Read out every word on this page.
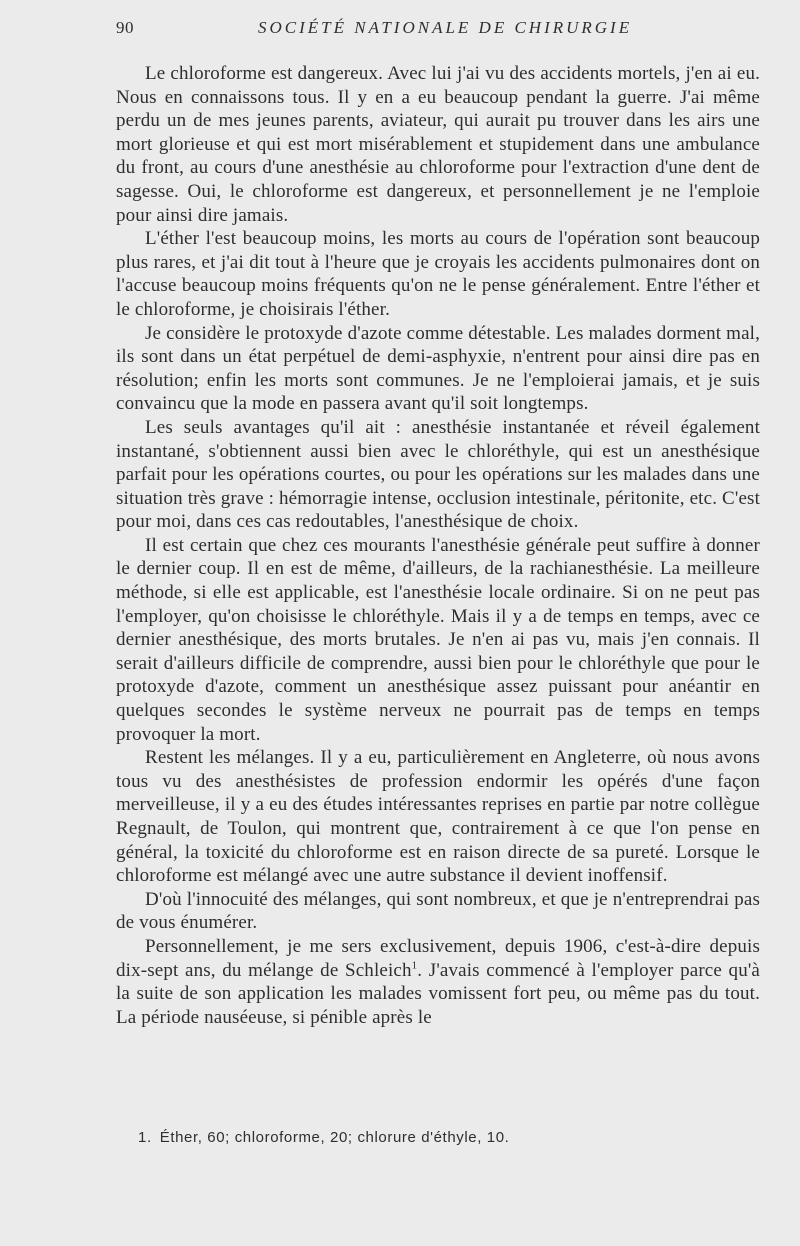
90	SOCIÉTÉ NATIONALE DE CHIRURGIE

Le chloroforme est dangereux. Avec lui j'ai vu des accidents mortels, j'en ai eu. Nous en connaissons tous. Il y en a eu beaucoup pendant la guerre. J'ai même perdu un de mes jeunes parents, aviateur, qui aurait pu trouver dans les airs une mort glorieuse et qui est mort misérablement et stupidement dans une ambulance du front, au cours d'une anesthésie au chloroforme pour l'extraction d'une dent de sagesse. Oui, le chloroforme est dangereux, et personnellement je ne l'emploie pour ainsi dire jamais.

L'éther l'est beaucoup moins, les morts au cours de l'opération sont beaucoup plus rares, et j'ai dit tout à l'heure que je croyais les accidents pulmonaires dont on l'accuse beaucoup moins fréquents qu'on ne le pense généralement. Entre l'éther et le chloroforme, je choisirais l'éther.

Je considère le protoxyde d'azote comme détestable. Les malades dorment mal, ils sont dans un état perpétuel de demi-asphyxie, n'entrent pour ainsi dire pas en résolution; enfin les morts sont communes. Je ne l'emploierai jamais, et je suis convaincu que la mode en passera avant qu'il soit longtemps.

Les seuls avantages qu'il ait : anesthésie instantanée et réveil également instantané, s'obtiennent aussi bien avec le chloréthyle, qui est un anesthésique parfait pour les opérations courtes, ou pour les opérations sur les malades dans une situation très grave : hémorragie intense, occlusion intestinale, péritonite, etc. C'est pour moi, dans ces cas redoutables, l'anesthésique de choix.

Il est certain que chez ces mourants l'anesthésie générale peut suffire à donner le dernier coup. Il en est de même, d'ailleurs, de la rachianesthésie. La meilleure méthode, si elle est applicable, est l'anesthésie locale ordinaire. Si on ne peut pas l'employer, qu'on choisisse le chloréthyle. Mais il y a de temps en temps, avec ce dernier anesthésique, des morts brutales. Je n'en ai pas vu, mais j'en connais. Il serait d'ailleurs difficile de comprendre, aussi bien pour le chloréthyle que pour le protoxyde d'azote, comment un anesthésique assez puissant pour anéantir en quelques secondes le système nerveux ne pourrait pas de temps en temps provoquer la mort.

Restent les mélanges. Il y a eu, particulièrement en Angleterre, où nous avons tous vu des anesthésistes de profession endormir les opérés d'une façon merveilleuse, il y a eu des études intéressantes reprises en partie par notre collègue Regnault, de Toulon, qui montrent que, contrairement à ce que l'on pense en général, la toxicité du chloroforme est en raison directe de sa pureté. Lorsque le chloroforme est mélangé avec une autre substance il devient inoffensif.

D'où l'innocuité des mélanges, qui sont nombreux, et que je n'entreprendrai pas de vous énumérer.

Personnellement, je me sers exclusivement, depuis 1906, c'est-à-dire depuis dix-sept ans, du mélange de Schleich$^1$. J'avais commencé à l'employer parce qu'à la suite de son application les malades vomissent fort peu, ou même pas du tout. La période nauséeuse, si pénible après le

1. Éther, 60; chloroforme, 20; chlorure d'éthyle, 10.
